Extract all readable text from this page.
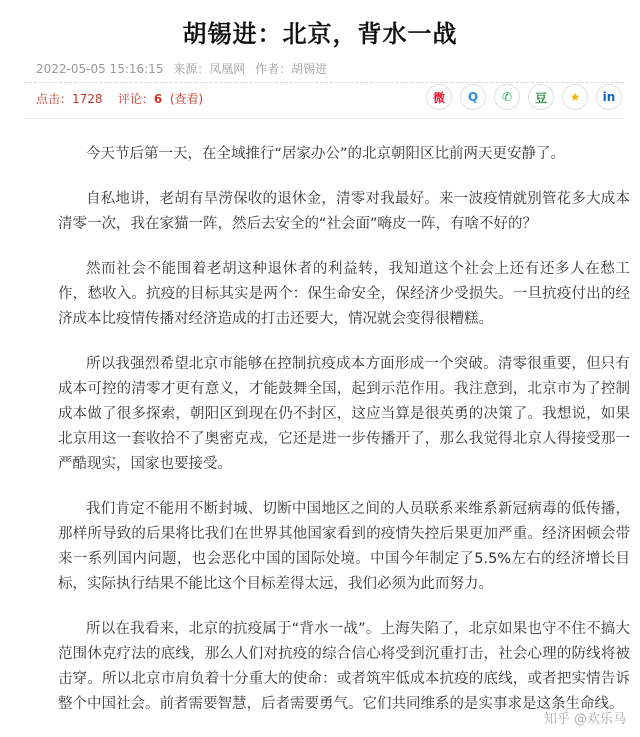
胡锡进：北京，背水一战
2022-05-05 15:16:15 来源：凤凰网 作者：胡锡进
点击：1728 评论：6 (查看)	微	Q	✆	豆	★	in

今天节后第一天，在全域推行“居家办公”的北京朝阳区比前两天更安静了。

自私地讲，老胡有旱涝保收的退休金，清零对我最好。来一波疫情就别管花多大成本清零一次，我在家猫一阵，然后去安全的“社会面”嗨皮一阵，有啥不好的？

然而社会不能围着老胡这种退休者的利益转，我知道这个社会上还有还多人在愁工作，愁收入。抗疫的目标其实是两个：保生命安全，保经济少受损失。一旦抗疫付出的经济成本比疫情传播对经济造成的打击还要大，情况就会变得很糟糕。

所以我强烈希望北京市能够在控制抗疫成本方面形成一个突破。清零很重要，但只有成本可控的清零才更有意义，才能鼓舞全国，起到示范作用。我注意到，北京市为了控制成本做了很多探索，朝阳区到现在仍不封区，这应当算是很英勇的决策了。我想说，如果北京用这一套收拾不了奥密克戎，它还是进一步传播开了，那么我觉得北京人得接受那一严酷现实，国家也要接受。

我们肯定不能用不断封城、切断中国地区之间的人员联系来维系新冠病毒的低传播，那样所导致的后果将比我们在世界其他国家看到的疫情失控后果更加严重。经济困顿会带来一系列国内问题，也会恶化中国的国际处境。中国今年制定了5.5%左右的经济增长目标，实际执行结果不能比这个目标差得太远，我们必须为此而努力。

所以在我看来，北京的抗疫属于“背水一战”。上海失陷了，北京如果也守不住不搞大范围休克疗法的底线，那么人们对抗疫的综合信心将受到沉重打击，社会心理的防线将被击穿。所以北京市肩负着十分重大的使命：或者筑牢低成本抗疫的底线，或者把实情告诉整个中国社会。前者需要智慧，后者需要勇气。它们共同维系的是实事求是这条生命线。

知乎 @欢乐马
